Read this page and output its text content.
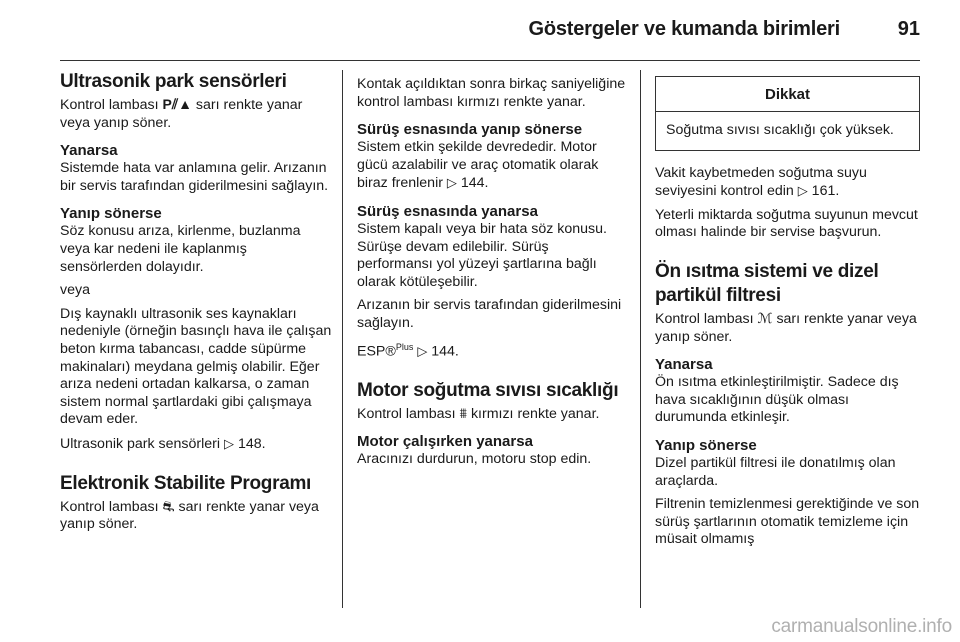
Göstergeler ve kumanda birimleri	91
Ultrasonik park sensörleri

Kontrol lambası P⫽▲ sarı renkte yanar veya yanıp söner.

Yanarsa

Sistemde hata var anlamına gelir. Arızanın bir servis tarafından giderilmesini sağlayın.

Yanıp sönerse

Söz konusu arıza, kirlenme, buzlanma veya kar nedeni ile kaplanmış sensörlerden dolayıdır.

veya

Dış kaynaklı ultrasonik ses kaynakları nedeniyle (örneğin basınçlı hava ile çalışan beton kırma tabancası, cadde süpürme makinaları) meydana gelmiş olabilir. Eğer arıza nedeni ortadan kalkarsa, o zaman sistem normal şartlardaki gibi çalışmaya devam eder.

Ultrasonik park sensörleri ▷ 148.

Elektronik Stabilite Programı

Kontrol lambası ⛐ sarı renkte yanar veya yanıp söner.

Kontak açıldıktan sonra birkaç saniyeliğine kontrol lambası kırmızı renkte yanar.

Sürüş esnasında yanıp sönerse

Sistem etkin şekilde devrededir. Motor gücü azalabilir ve araç otomatik olarak biraz frenlenir ▷ 144.

Sürüş esnasında yanarsa

Sistem kapalı veya bir hata söz konusu. Sürüşe devam edilebilir. Sürüş performansı yol yüzeyi şartlarına bağlı olarak kötüleşebilir.

Arızanın bir servis tarafından giderilmesini sağlayın.

ESP®$^{Plus}$ ▷ 144.

Motor soğutma sıvısı sıcaklığı

Kontrol lambası ⩩ kırmızı renkte yanar.

Motor çalışırken yanarsa

Aracınızı durdurun, motoru stop edin.

Dikkat
Soğutma sıvısı sıcaklığı çok yüksek.

Vakit kaybetmeden soğutma suyu seviyesini kontrol edin ▷ 161.

Yeterli miktarda soğutma suyunun mevcut olması halinde bir servise başvurun.

Ön ısıtma sistemi ve dizel partikül filtresi

Kontrol lambası ℳ sarı renkte yanar veya yanıp söner.

Yanarsa

Ön ısıtma etkinleştirilmiştir. Sadece dış hava sıcaklığının düşük olması durumunda etkinleşir.

Yanıp sönerse

Dizel partikül filtresi ile donatılmış olan araçlarda.

Filtrenin temizlenmesi gerektiğinde ve son sürüş şartlarının otomatik temizleme için müsait olmamış

carmanualsonline.info
